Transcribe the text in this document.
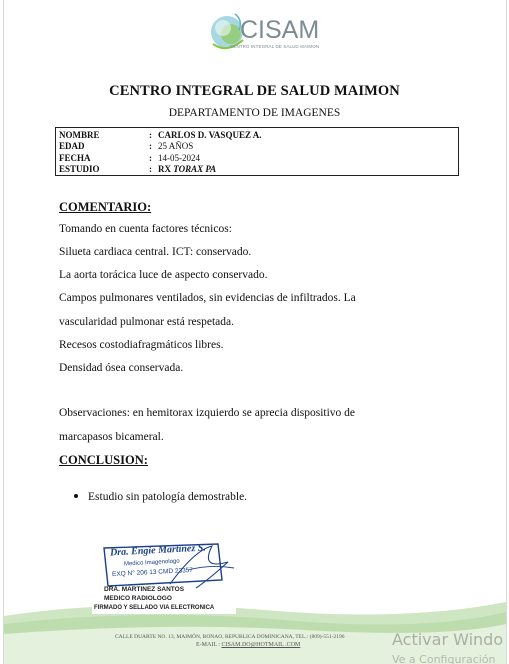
CISAM
CENTRO INTEGRAL DE SALUD MAIMON
CENTRO INTEGRAL DE SALUD MAIMON
DEPARTAMENTO DE IMAGENES
NOMBRE	: CARLOS D. VASQUEZ A.
EDAD	: 25 AÑOS
FECHA	: 14-05-2024
ESTUDIO	: RX TORAX PA
COMENTARIO:
Tomando en cuenta factores técnicos:
Silueta cardiaca central. ICT: conservado.
La aorta torácica luce de aspecto conservado.
Campos pulmonares ventilados, sin evidencias de infiltrados. La
vascularidad pulmonar está respetada.
Recesos costodiafragmáticos libres.
Densidad ósea conservada.
Observaciones: en hemitorax izquierdo se aprecia dispositivo de
marcapasos bicameral.
CONCLUSION:
Estudio sin patología demostrable.
Dra. Engie Martinez S.
Medico Imagenologo
EXQ N° 206 13 CMD 23357
DRA. MARTINEZ SANTOS
MEDICO RADIOLOGO
FIRMADO Y SELLADO VIA ELECTRONICA
CALLE DUARTE NO. 13, MAIMÓN, BONAO, REPUBLICA DOMINICANA, TEL.: (809)-551-2196
E-MAIL : CISAM.DO@HOTMAIL .COM	Activar Windo
Ve a Configuración
